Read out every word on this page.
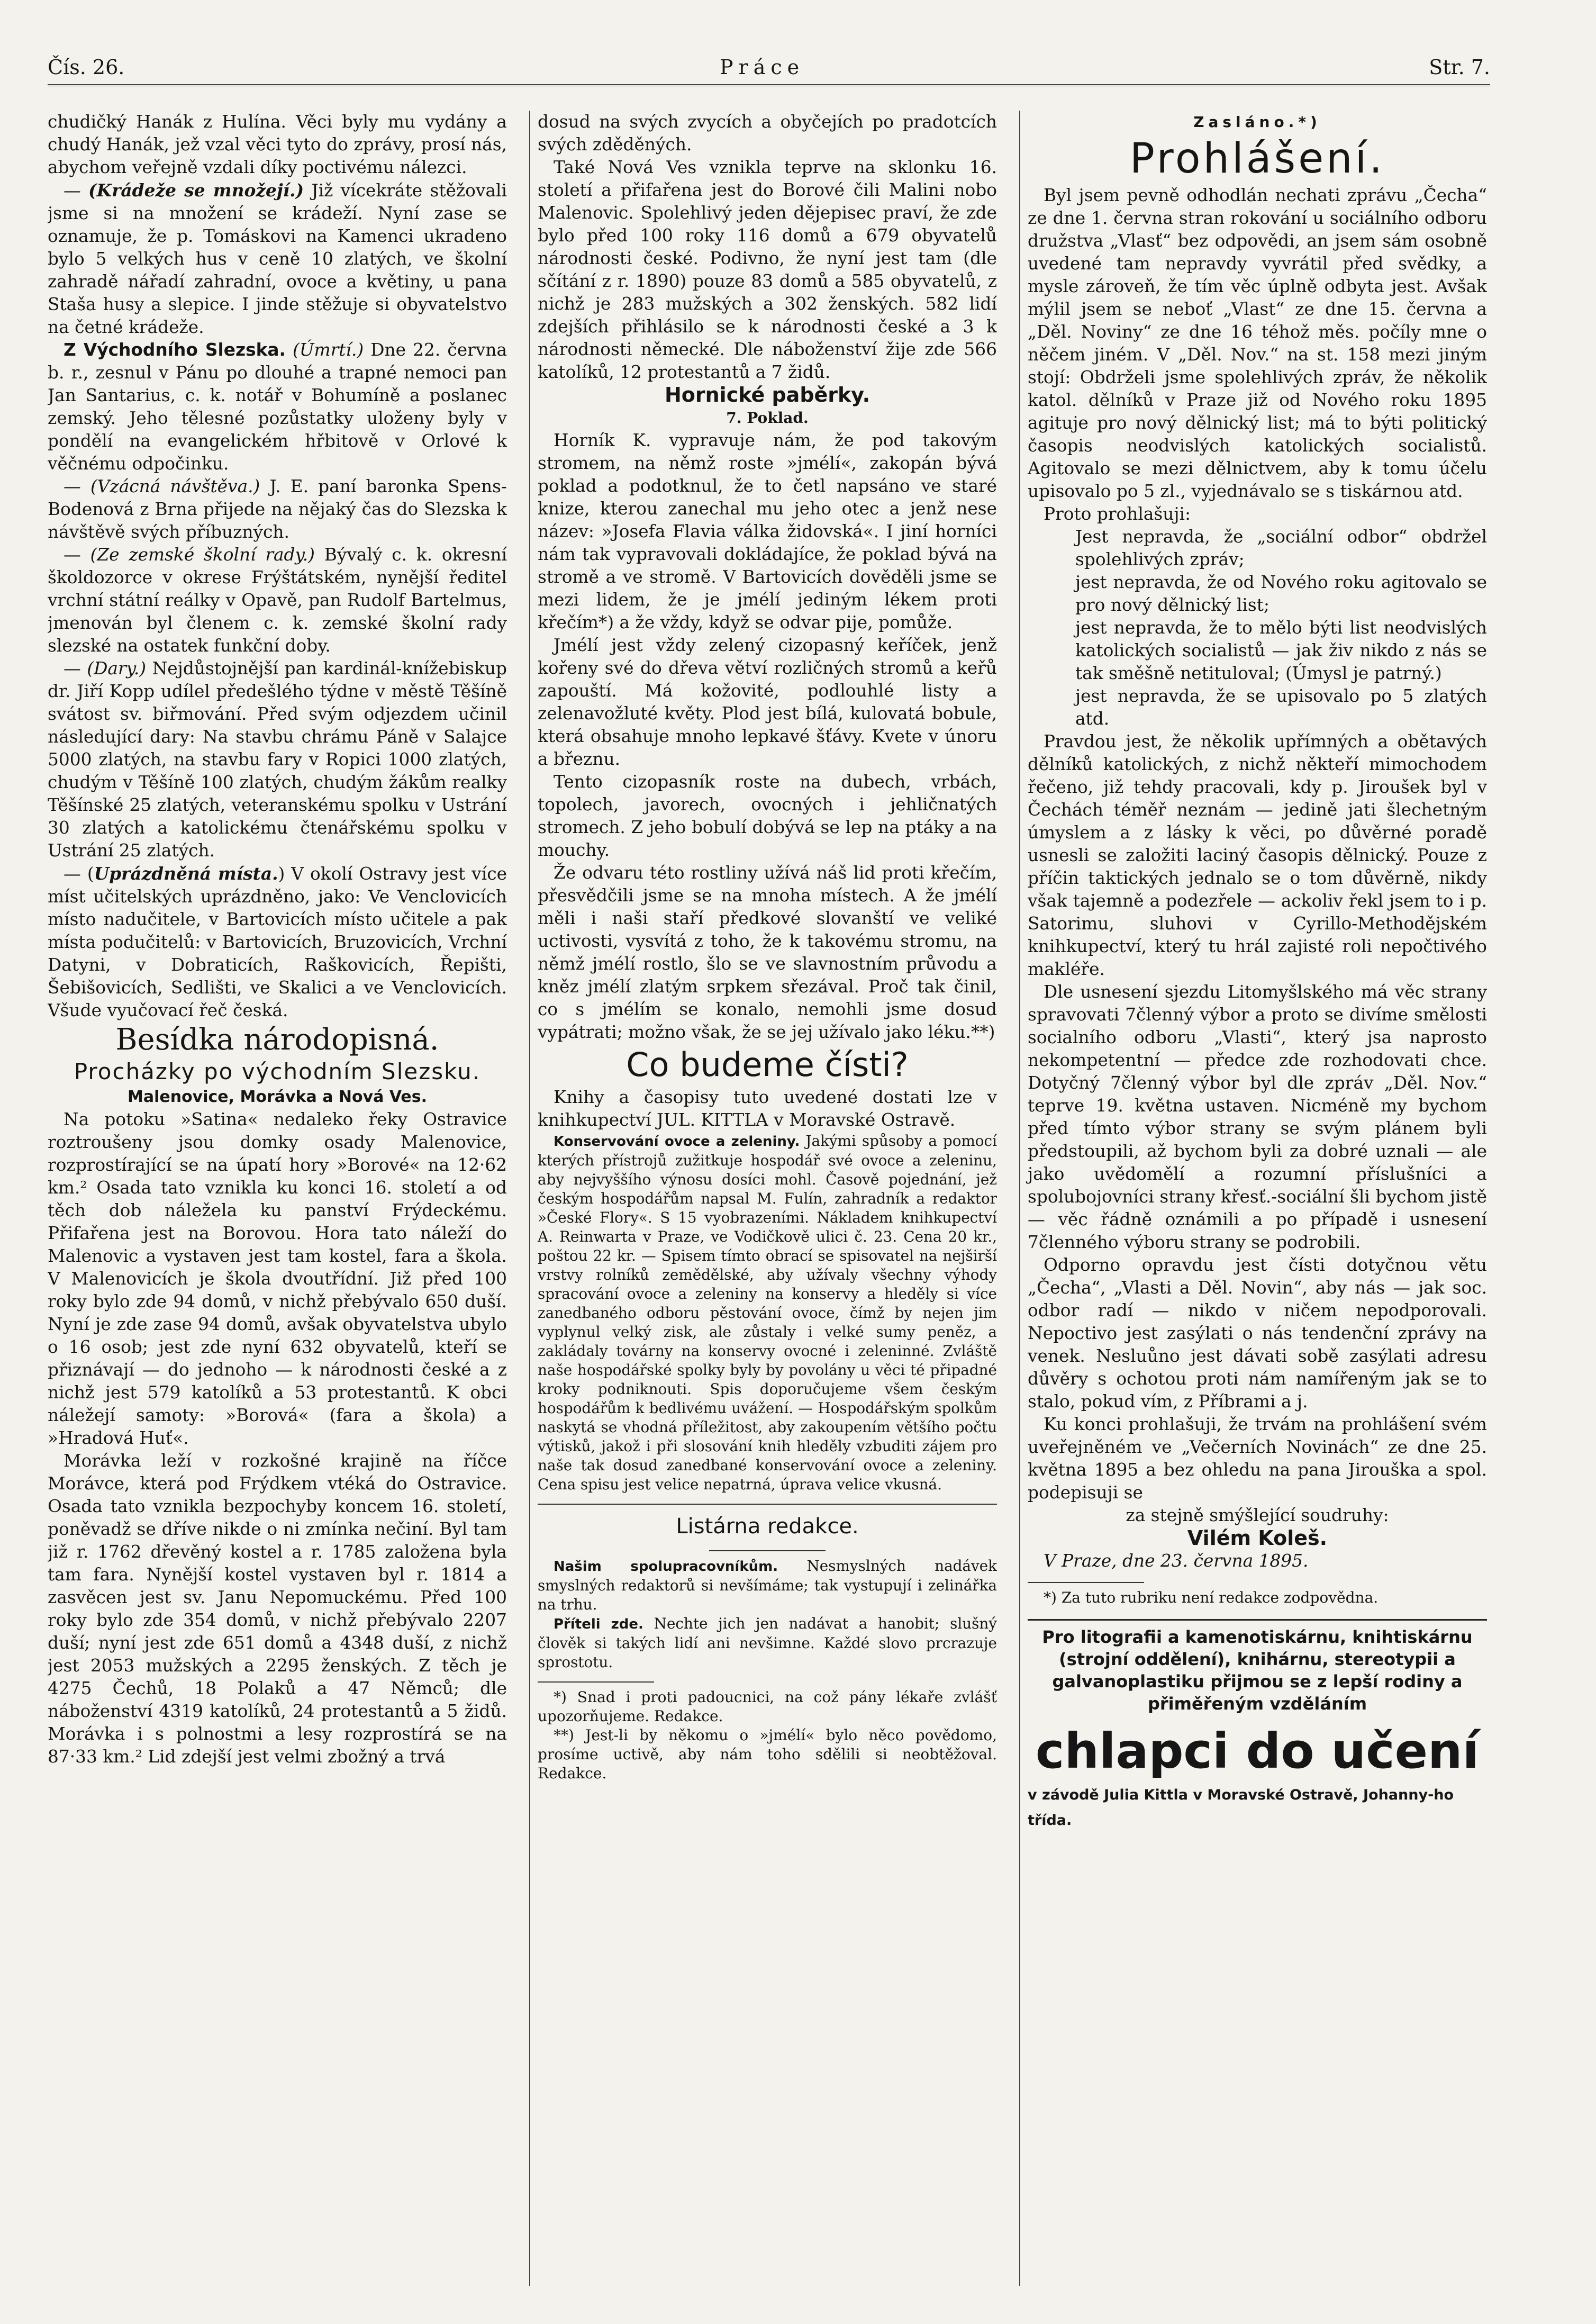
Čís. 26.	Práce	Str. 7.

chudičký Hanák z Hulína. Věci byly mu vydány a chudý Hanák, jež vzal věci tyto do zprávy, prosí nás, abychom veřejně vzdali díky poctivému nálezci.

— (Krádeže se množejí.) Již vícekráte stěžovali jsme si na množení se krádeží. Nyní zase se oznamuje, že p. Tomáskovi na Kamenci ukradeno bylo 5 velkých hus v ceně 10 zlatých, ve školní zahradě nářadí zahradní, ovoce a květiny, u pana Staša husy a slepice. I jinde stěžuje si obyvatelstvo na četné krádeže.

Z Východního Slezska. (Úmrtí.) Dne 22. června b. r., zesnul v Pánu po dlouhé a trapné nemoci pan Jan Santarius, c. k. notář v Bohumíně a poslanec zemský. Jeho tělesné pozůstatky uloženy byly v pondělí na evangelickém hřbitově v Orlové k věčnému odpočinku.

— (Vzácná návštěva.) J. E. paní baronka Spens-Bodenová z Brna přijede na nějaký čas do Slezska k návštěvě svých příbuzných.

— (Ze zemské školní rady.) Bývalý c. k. okresní školdozorce v okrese Frýštátském, nynější ředitel vrchní státní reálky v Opavě, pan Rudolf Bartelmus, jmenován byl členem c. k. zemské školní rady slezské na ostatek funkční doby.

— (Dary.) Nejdůstojnější pan kardinál-knížebiskup dr. Jiří Kopp udílel předešlého týdne v městě Těšíně svátost sv. biřmování. Před svým odjezdem učinil následující dary: Na stavbu chrámu Páně v Salajce 5000 zlatých, na stavbu fary v Ropici 1000 zlatých, chudým v Těšíně 100 zlatých, chudým žákům realky Těšínské 25 zlatých, veteranskému spolku v Ustrání 30 zlatých a katolickému čtenářskému spolku v Ustrání 25 zlatých.

— (Uprázdněná místa.) V okolí Ostravy jest více míst učitelských uprázdněno, jako: Ve Venclovicích místo nadučitele, v Bartovicích místo učitele a pak místa podučitelů: v Bartovicích, Bruzovicích, Vrchní Datyni, v Dobraticích, Raškovicích, Řepišti, Šebišovicích, Sedlišti, ve Skalici a ve Venclovicích. Všude vyučovací řeč česká.

Besídka národopisná.

Procházky po východním Slezsku.

Malenovice, Morávka a Nová Ves.

Na potoku »Satina« nedaleko řeky Ostravice roztroušeny jsou domky osady Malenovice, rozprostírající se na úpatí hory »Borové« na 12·62 km.² Osada tato vznikla ku konci 16. století a od těch dob náležela ku panství Frýdeckému. Přifařena jest na Borovou. Hora tato náleží do Malenovic a vystaven jest tam kostel, fara a škola. V Malenovicích je škola dvoutřídní. Již před 100 roky bylo zde 94 domů, v nichž přebývalo 650 duší. Nyní je zde zase 94 domů, avšak obyvatelstva ubylo o 16 osob; jest zde nyní 632 obyvatelů, kteří se přiznávají — do jednoho — k národnosti české a z nichž jest 579 katolíků a 53 protestantů. K obci náležejí samoty: »Borová« (fara a škola) a »Hradová Huť«.

Morávka leží v rozkošné krajině na říčce Morávce, která pod Frýdkem vtéká do Ostravice. Osada tato vznikla bezpochyby koncem 16. století, poněvadž se dříve nikde o ni zmínka nečiní. Byl tam již r. 1762 dřevěný kostel a r. 1785 založena byla tam fara. Nynější kostel vystaven byl r. 1814 a zasvěcen jest sv. Janu Nepomuckému. Před 100 roky bylo zde 354 domů, v nichž přebývalo 2207 duší; nyní jest zde 651 domů a 4348 duší, z nichž jest 2053 mužských a 2295 ženských. Z těch je 4275 Čechů, 18 Polaků a 47 Němců; dle náboženství 4319 katolíků, 24 protestantů a 5 židů. Morávka i s polnostmi a lesy rozprostírá se na 87·33 km.² Lid zdejší jest velmi zbožný a trvá

dosud na svých zvycích a obyčejích po pradotcích svých zděděných.

Také Nová Ves vznikla teprve na sklonku 16. století a přifařena jest do Borové čili Malini nobo Malenovic. Spolehlivý jeden dějepisec praví, že zde bylo před 100 roky 116 domů a 679 obyvatelů národnosti české. Podivno, že nyní jest tam (dle sčítání z r. 1890) pouze 83 domů a 585 obyvatelů, z nichž je 283 mužských a 302 ženských. 582 lidí zdejších přihlásilo se k národnosti české a 3 k národnosti německé. Dle náboženství žije zde 566 katolíků, 12 protestantů a 7 židů.

Hornické paběrky.

7. Poklad.

Horník K. vypravuje nám, že pod takovým stromem, na němž roste »jmélí«, zakopán bývá poklad a podotknul, že to četl napsáno ve staré knize, kterou zanechal mu jeho otec a jenž nese název: »Josefa Flavia válka židovská«. I jiní horníci nám tak vypravovali dokládajíce, že poklad bývá na stromě a ve stromě. V Bartovicích dověděli jsme se mezi lidem, že je jmélí jediným lékem proti křečím*) a že vždy, když se odvar pije, pomůže.

Jmélí jest vždy zelený cizopasný keříček, jenž kořeny své do dřeva větví rozličných stromů a keřů zapouští. Má kožovité, podlouhlé listy a zelenavožluté květy. Plod jest bílá, kulovatá bobule, která obsahuje mnoho lepkavé šťávy. Kvete v únoru a březnu.

Tento cizopasník roste na dubech, vrbách, topolech, javorech, ovocných i jehličnatých stromech. Z jeho bobulí dobývá se lep na ptáky a na mouchy.

Že odvaru této rostliny užívá náš lid proti křečím, přesvědčili jsme se na mnoha místech. A že jmélí měli i naši staří předkové slovanští ve veliké uctivosti, vysvítá z toho, že k takovému stromu, na němž jmélí rostlo, šlo se ve slavnostním průvodu a kněz jmélí zlatým srpkem sřezával. Proč tak činil, co s jmélím se konalo, nemohli jsme dosud vypátrati; možno však, že se jej užívalo jako léku.**)

Co budeme čísti?

Knihy a časopisy tuto uvedené dostati lze v knihkupectví JUL. KITTLA v Moravské Ostravě.

Konservování ovoce a zeleniny. Jakými spůsoby a pomocí kterých přístrojů zužitkuje hospodář své ovoce a zeleninu, aby nejvyššího výnosu dosíci mohl. Časově pojednání, jež českým hospodářům napsal M. Fulín, zahradník a redaktor »České Flory«. S 15 vyobrazeními. Nákladem knihkupectví A. Reinwarta v Praze, ve Vodičkově ulici č. 23. Cena 20 kr., poštou 22 kr. — Spisem tímto obrací se spisovatel na nejširší vrstvy rolníků zemědělské, aby užívaly všechny výhody spracování ovoce a zeleniny na konservy a hleděly si více zanedbaného odboru pěstování ovoce, čímž by nejen jim vyplynul velký zisk, ale zůstaly i velké sumy peněz, a zakládaly továrny na konservy ovocné i zeleninné. Zvláště naše hospodářské spolky byly by povolány u věci té připadné kroky podniknouti. Spis doporučujeme všem českým hospodářům k bedlivému uvážení. — Hospodářským spolkům naskytá se vhodná příležitost, aby zakoupením většího počtu výtisků, jakož i při slosování knih hleděly vzbuditi zájem pro naše tak dosud zanedbané konservování ovoce a zeleniny. Cena spisu jest velice nepatrná, úprava velice vkusná.

Listárna redakce.

Našim spolupracovníkům. Nesmyslných nadávek smyslných redaktorů si nevšímáme; tak vystupují i zelinářka na trhu.

Příteli zde. Nechte jich jen nadávat a hanobit; slušný člověk si takých lidí ani nevšimne. Každé slovo prcrazuje sprostotu.

*) Snad i proti padoucnici, na což pány lékaře zvlášť upozorňujeme. Redakce.

**) Jest-li by někomu o »jmélí« bylo něco povědomo, prosíme uctivě, aby nám toho sdělili si neobtěžoval. Redakce.

Zasláno.*)

Prohlášení.

Byl jsem pevně odhodlán nechati zprávu „Čecha“ ze dne 1. června stran rokování u sociálního odboru družstva „Vlasť“ bez odpovědi, an jsem sám osobně uvedené tam nepravdy vyvrátil před svědky, a mysle zároveň, že tím věc úplně odbyta jest. Avšak mýlil jsem se neboť „Vlast“ ze dne 15. června a „Děl. Noviny“ ze dne 16 téhož měs. počíly mne o něčem jiném. V „Děl. Nov.“ na st. 158 mezi jiným stojí: Obdrželi jsme spolehlivých zpráv, že několik katol. dělníků v Praze již od Nového roku 1895 agituje pro nový dělnický list; má to býti politický časopis neodvislých katolických socialistů. Agitovalo se mezi dělnictvem, aby k tomu účelu upisovalo po 5 zl., vyjednávalo se s tiskárnou atd.

Proto prohlašuji:

Jest nepravda, že „sociální odbor“ obdržel spolehlivých zpráv;

jest nepravda, že od Nového roku agitovalo se pro nový dělnický list;

jest nepravda, že to mělo býti list neodvislých katolických socialistů — jak živ nikdo z nás se tak směšně netituloval; (Úmysl je patrný.)

jest nepravda, že se upisovalo po 5 zlatých atd.

Pravdou jest, že několik upřímných a obětavých dělníků katolických, z nichž někteří mimochodem řečeno, již tehdy pracovali, kdy p. Jiroušek byl v Čechách téměř neznám — jedině jati šlechetným úmyslem a z lásky k věci, po důvěrné poradě usnesli se založiti laciný časopis dělnický. Pouze z příčin taktických jednalo se o tom důvěrně, nikdy však tajemně a podezřele — ackoliv řekl jsem to i p. Satorimu, sluhovi v Cyrillo-Methodějském knihkupectví, který tu hrál zajisté roli nepočtivého makléře.

Dle usnesení sjezdu Litomyšlského má věc strany spravovati 7členný výbor a proto se divíme smělosti socialního odboru „Vlasti“, který jsa naprosto nekompetentní — předce zde rozhodovati chce. Dotyčný 7členný výbor byl dle zpráv „Děl. Nov.“ teprve 19. května ustaven. Nicméně my bychom před tímto výbor strany se svým plánem byli předstoupili, až bychom byli za dobré uznali — ale jako uvědomělí a rozumní příslušníci a spolubojovníci strany křesť.-sociální šli bychom jistě — věc řádně oznámili a po případě i usnesení 7členného výboru strany se podrobili.

Odporno opravdu jest čísti dotyčnou větu „Čecha“, „Vlasti a Děl. Novin“, aby nás — jak soc. odbor radí — nikdo v ničem nepodporovali. Nepoctivo jest zasýlati o nás tendenční zprávy na venek. Nesluůno jest dávati sobě zasýlati adresu důvěry s ochotou proti nám namířeným jak se to stalo, pokud vím, z Příbrami a j.

Ku konci prohlašuji, že trvám na prohlášení svém uveřejněném ve „Večerních Novinách“ ze dne 25. května 1895 a bez ohledu na pana Jirouška a spol. podepisuji se

za stejně smýšlející soudruhy:

Vilém Koleš.

V Praze, dne 23. června 1895.

*) Za tuto rubriku není redakce zodpovědna.

Pro litografii a kamenotiskárnu, knihtiskárnu (strojní oddělení), knihárnu, stereotypii a galvanoplastiku přijmou se z lepší rodiny a přiměřeným vzděláním
chlapci do učení
v závodě Julia Kittla v Moravské Ostravě, Johanny-ho třída.
